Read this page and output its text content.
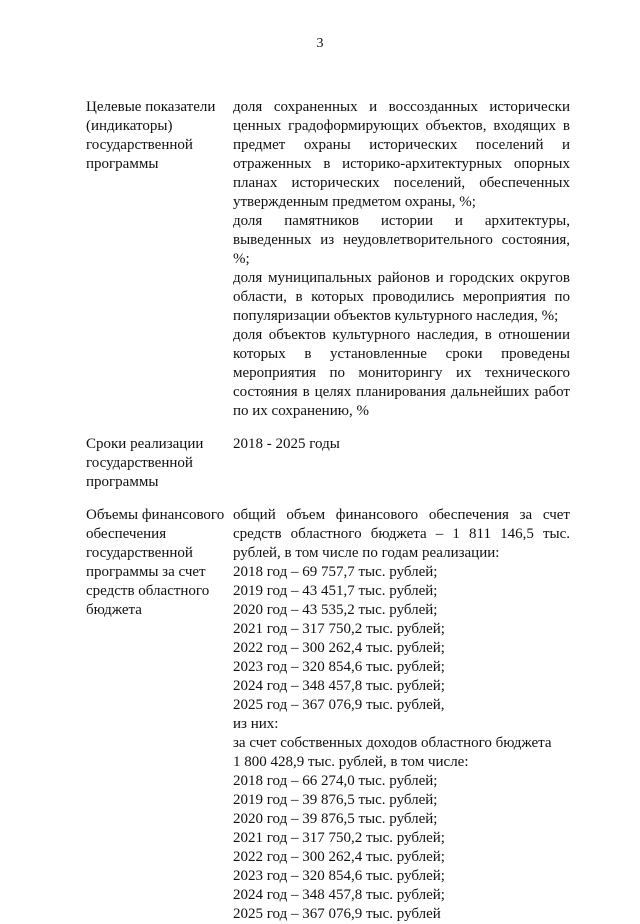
3
Целевые показатели (индикаторы) государственной программы

доля сохраненных и воссозданных исторически ценных градоформирующих объектов, входящих в предмет охраны исторических поселений и отраженных в историко-архитектурных опорных планах исторических поселений, обеспеченных утвержденным предметом охраны, %;

доля памятников истории и архитектуры, выведенных из неудовлетворительного состояния, %;

доля муниципальных районов и городских округов области, в которых проводились мероприятия по популяризации объектов культурного наследия, %;

доля объектов культурного наследия, в отношении которых в установленные сроки проведены мероприятия по мониторингу их технического состояния в целях планирования дальнейших работ по их сохранению, %

Сроки реализации государственной программы

2018 - 2025 годы

Объемы финансового обеспечения государственной программы за счет средств областного бюджета

общий объем финансового обеспечения за счет средств областного бюджета – 1 811 146,5 тыс. рублей, в том числе по годам реализации:

2018 год – 69 757,7 тыс. рублей;

2019 год – 43 451,7 тыс. рублей;

2020 год – 43 535,2 тыс. рублей;

2021 год – 317 750,2 тыс. рублей;

2022 год – 300 262,4 тыс. рублей;

2023 год – 320 854,6 тыс. рублей;

2024 год – 348 457,8 тыс. рублей;

2025 год – 367 076,9 тыс. рублей,

из них:

за счет собственных доходов областного бюджета

1 800 428,9 тыс. рублей, в том числе:

2018 год – 66 274,0 тыс. рублей;

2019 год – 39 876,5 тыс. рублей;

2020 год – 39 876,5 тыс. рублей;

2021 год – 317 750,2 тыс. рублей;

2022 год – 300 262,4 тыс. рублей;

2023 год – 320 854,6 тыс. рублей;

2024 год – 348 457,8 тыс. рублей;

2025 год – 367 076,9 тыс. рублей
